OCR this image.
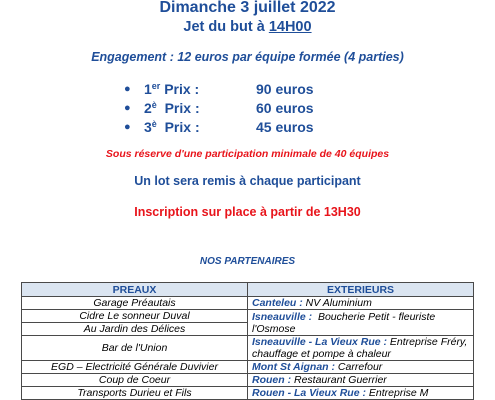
Dimanche 3 juillet 2022
Jet du but à 14H00
Engagement : 12 euros par équipe formée (4 parties)
● 1er Prix :	90 euros
● $2^è$  Prix :	60 euros
● $3^è$  Prix :	45 euros
Sous réserve d'une participation minimale de 40 équipes
Un lot sera remis à chaque participant
Inscription sur place à partir de 13H30
NOS PARTENAIRES
PREAUX	EXTERIEURS
Garage Préautais	Canteleu : NV Aluminium
Cidre Le sonneur Duval	Isneauville :  Boucherie Petit - fleuriste l'Osmose
Au Jardin des Délices	
Bar de l'Union	Isneauville - La Vieux Rue : Entreprise Fréry, chauffage et pompe à chaleur
EGD – Electricité Générale Duvivier	Mont St Aignan : Carrefour
Coup de Coeur	Rouen : Restaurant Guerrier
Transports Durieu et Fils	Rouen - La Vieux Rue : Entreprise M
